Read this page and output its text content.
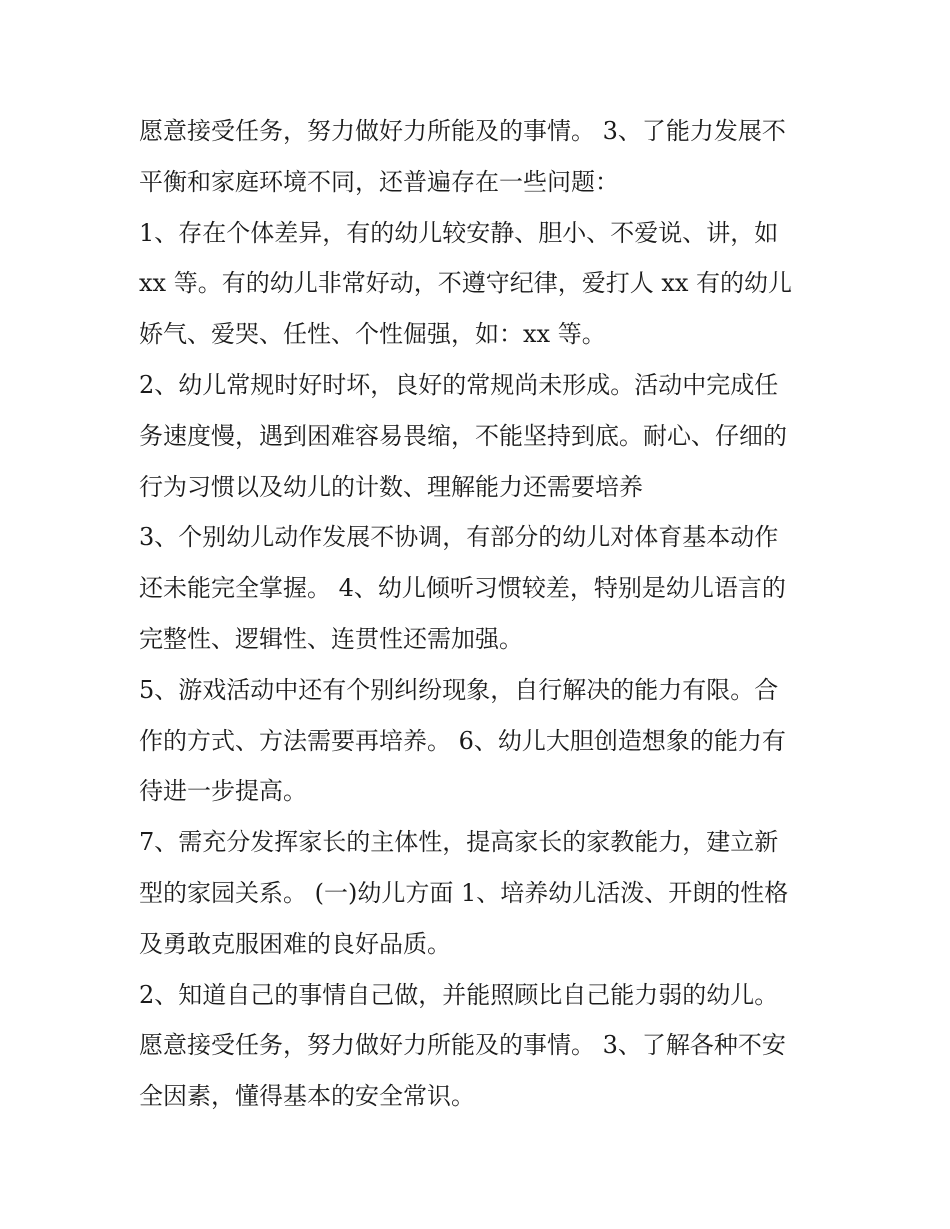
愿意接受任务，努力做好力所能及的事情。 3、了能力发展不
平衡和家庭环境不同，还普遍存在一些问题：
1、存在个体差异，有的幼儿较安静、胆小、不爱说、讲，如
xx 等。有的幼儿非常好动，不遵守纪律，爱打人 xx 有的幼儿
娇气、爱哭、任性、个性倔强，如：xx 等。
2、幼儿常规时好时坏，良好的常规尚未形成。活动中完成任
务速度慢，遇到困难容易畏缩，不能坚持到底。耐心、仔细的
行为习惯以及幼儿的计数、理解能力还需要培养
3、个别幼儿动作发展不协调，有部分的幼儿对体育基本动作
还未能完全掌握。 4、幼儿倾听习惯较差，特别是幼儿语言的
完整性、逻辑性、连贯性还需加强。
5、游戏活动中还有个别纠纷现象，自行解决的能力有限。合
作的方式、方法需要再培养。 6、幼儿大胆创造想象的能力有
待进一步提高。
7、需充分发挥家长的主体性，提高家长的家教能力，建立新
型的家园关系。 (一)幼儿方面 1、培养幼儿活泼、开朗的性格
及勇敢克服困难的良好品质。
2、知道自己的事情自己做，并能照顾比自己能力弱的幼儿。
愿意接受任务，努力做好力所能及的事情。 3、了解各种不安
全因素，懂得基本的安全常识。
